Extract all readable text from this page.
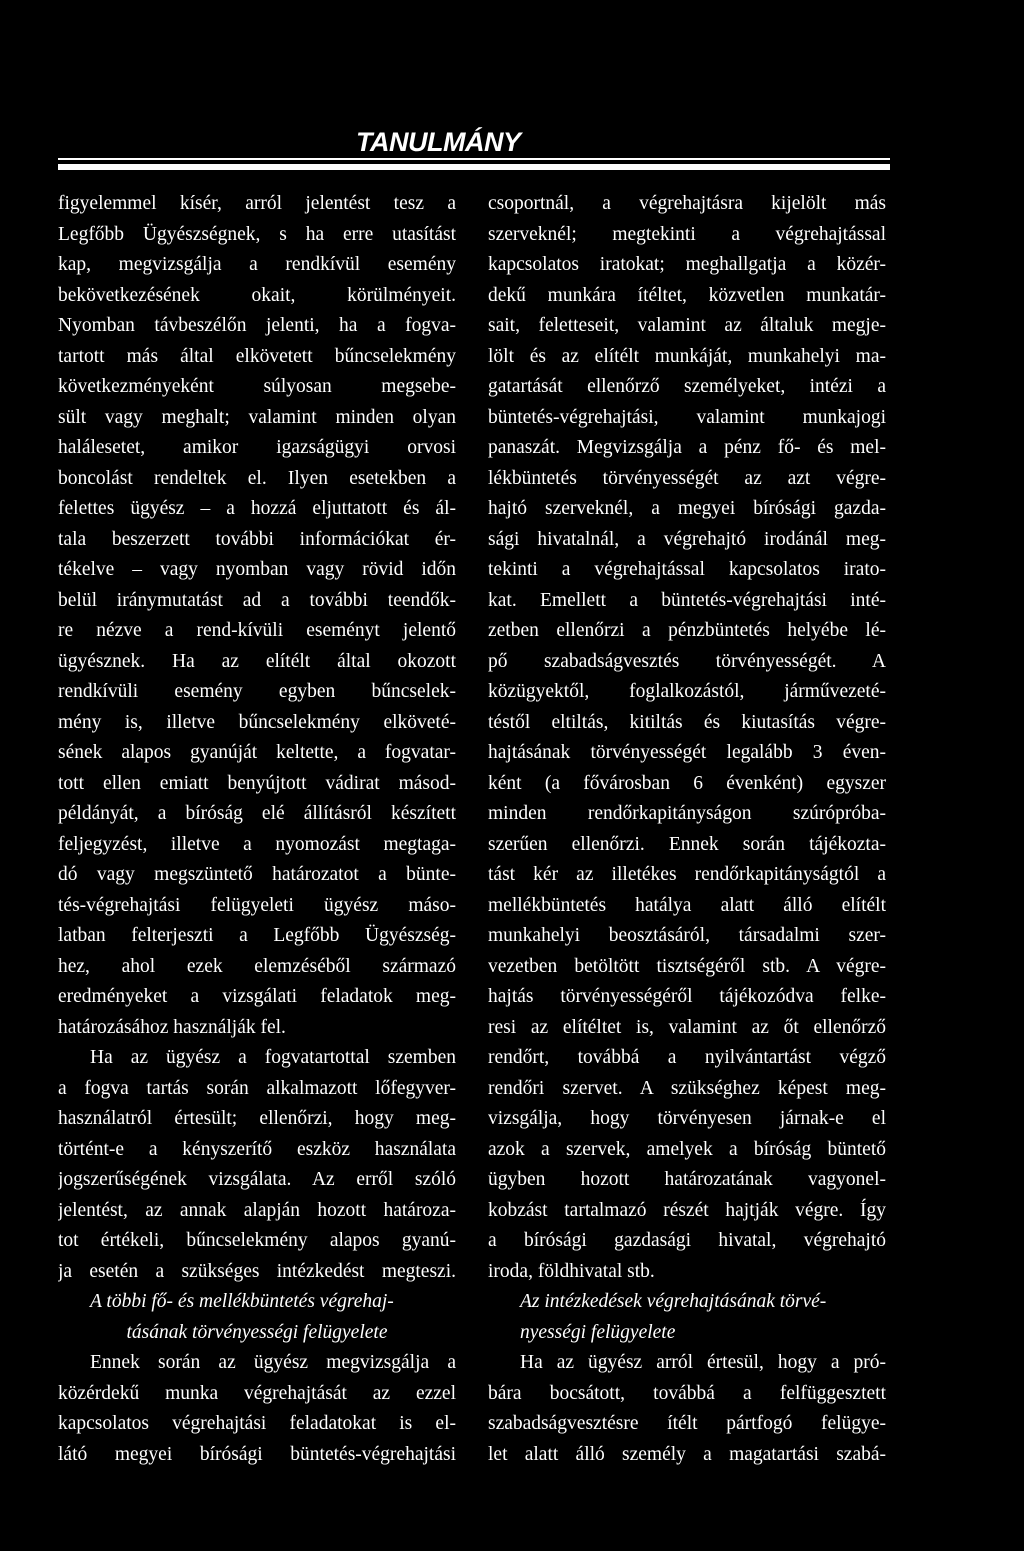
TANULMÁNY
figyelemmel kísér, arról jelentést tesz a
Legfőbb Ügyészségnek, s ha erre utasítást
kap, megvizsgálja a rendkívül esemény
bekövetkezésének okait, körülményeit.
Nyomban távbeszélőn jelenti, ha a fogva-
tartott más által elkövetett bűncselekmény
következményeként súlyosan megsebe-
sült vagy meghalt; valamint minden olyan
halálesetet, amikor igazságügyi orvosi
boncolást rendeltek el. Ilyen esetekben a
felettes ügyész – a hozzá eljuttatott és ál-
tala beszerzett további információkat ér-
tékelve – vagy nyomban vagy rövid időn
belül iránymutatást ad a további teendők-
re nézve a rend-kívüli eseményt jelentő
ügyésznek. Ha az elítélt által okozott
rendkívüli esemény egyben bűncselek-
mény is, illetve bűncselekmény elköveté-
sének alapos gyanúját keltette, a fogvatar-
tott ellen emiatt benyújtott vádirat másod-
példányát, a bíróság elé állításról készített
feljegyzést, illetve a nyomozást megtaga-
dó vagy megszüntető határozatot a bünte-
tés-végrehajtási felügyeleti ügyész máso-
latban felterjeszti a Legfőbb Ügyészség-
hez, ahol ezek elemzéséből származó
eredményeket a vizsgálati feladatok meg-
határozásához használják fel.
Ha az ügyész a fogvatartottal szemben
a fogva tartás során alkalmazott lőfegyver-
használatról értesült; ellenőrzi, hogy meg-
történt-e a kényszerítő eszköz használata
jogszerűségének vizsgálata. Az erről szóló
jelentést, az annak alapján hozott határoza-
tot értékeli, bűncselekmény alapos gyanú-
ja esetén a szükséges intézkedést megteszi.
A többi fő- és mellékbüntetés végrehaj-
tásának törvényességi felügyelete
Ennek során az ügyész megvizsgálja a
közérdekű munka végrehajtását az ezzel
kapcsolatos végrehajtási feladatokat is el-
látó megyei bírósági büntetés-végrehajtási
csoportnál, a végrehajtásra kijelölt más
szerveknél; megtekinti a végrehajtással
kapcsolatos iratokat; meghallgatja a közér-
dekű munkára ítéltet, közvetlen munkatár-
sait, feletteseit, valamint az általuk megje-
lölt és az elítélt munkáját, munkahelyi ma-
gatartását ellenőrző személyeket, intézi a
büntetés-végrehajtási, valamint munkajogi
panaszát. Megvizsgálja a pénz fő- és mel-
lékbüntetés törvényességét az azt végre-
hajtó szerveknél, a megyei bírósági gazda-
sági hivatalnál, a végrehajtó irodánál meg-
tekinti a végrehajtással kapcsolatos irato-
kat. Emellett a büntetés-végrehajtási inté-
zetben ellenőrzi a pénzbüntetés helyébe lé-
pő szabadságvesztés törvényességét. A
közügyektől, foglalkozástól, járművezeté-
téstől eltiltás, kitiltás és kiutasítás végre-
hajtásának törvényességét legalább 3 éven-
ként (a fővárosban 6 évenként) egyszer
minden rendőrkapitányságon szúrópróba-
szerűen ellenőrzi. Ennek során tájékozta-
tást kér az illetékes rendőrkapitányságtól a
mellékbüntetés hatálya alatt álló elítélt
munkahelyi beosztásáról, társadalmi szer-
vezetben betöltött tisztségéről stb. A végre-
hajtás törvényességéről tájékozódva felke-
resi az elítéltet is, valamint az őt ellenőrző
rendőrt, továbbá a nyilvántartást végző
rendőri szervet. A szükséghez képest meg-
vizsgálja, hogy törvényesen járnak-e el
azok a szervek, amelyek a bíróság büntető
ügyben hozott határozatának vagyonel-
kobzást tartalmazó részét hajtják végre. Így
a bírósági gazdasági hivatal, végrehajtó
iroda, földhivatal stb.
Az intézkedések végrehajtásának törvé-
nyességi felügyelete
Ha az ügyész arról értesül, hogy a pró-
bára bocsátott, továbbá a felfüggesztett
szabadságvesztésre ítélt pártfogó felügye-
let alatt álló személy a magatartási szabá-
